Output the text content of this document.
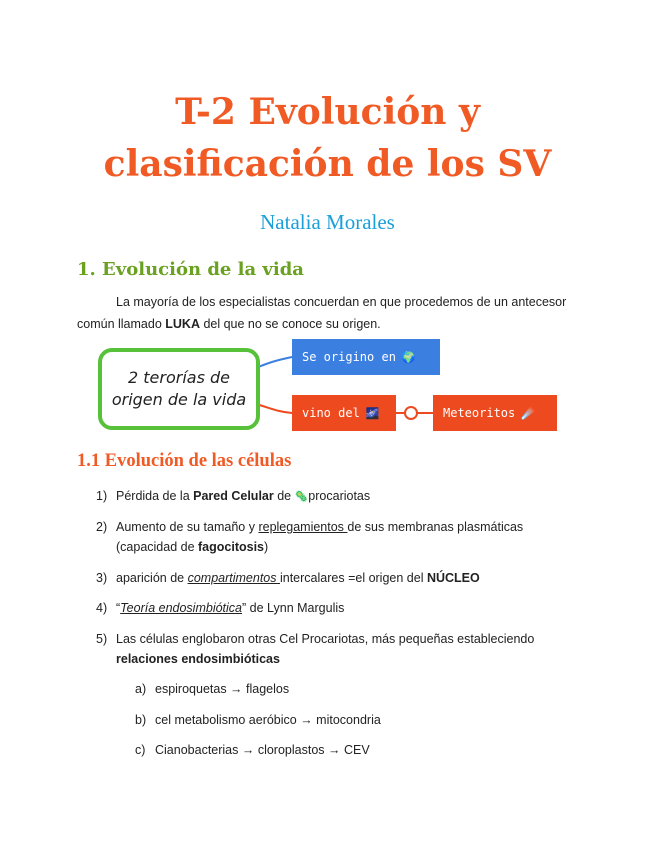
T-2 Evolución y
clasificación de los SV
Natalia Morales
1. Evolución de la vida

La mayoría de los especialistas concuerdan en que procedemos de un antecesor común llamado LUKA del que no se conoce su origen.

2 terorías de
origen de la vida
Se origino en 🌍
vino del 🌌	Meteoritos ☄️
1.1 Evolución de las células
1) Pérdida de la Pared Celular de 🦠procariotas
2) Aumento de su tamaño y replegamientos de sus membranas plasmáticas
(capacidad de fagocitosis)
3) aparición de compartimentos intercalares =el origen del NÚCLEO
4) “Teoría endosimbiótica” de Lynn Margulis
5) Las células englobaron otras Cel Procariotas, más pequeñas estableciendo
relaciones endosimbióticas
a) espiroquetas → flagelos
b) cel metabolismo aeróbico → mitocondria
c) Cianobacterias → cloroplastos → CEV
